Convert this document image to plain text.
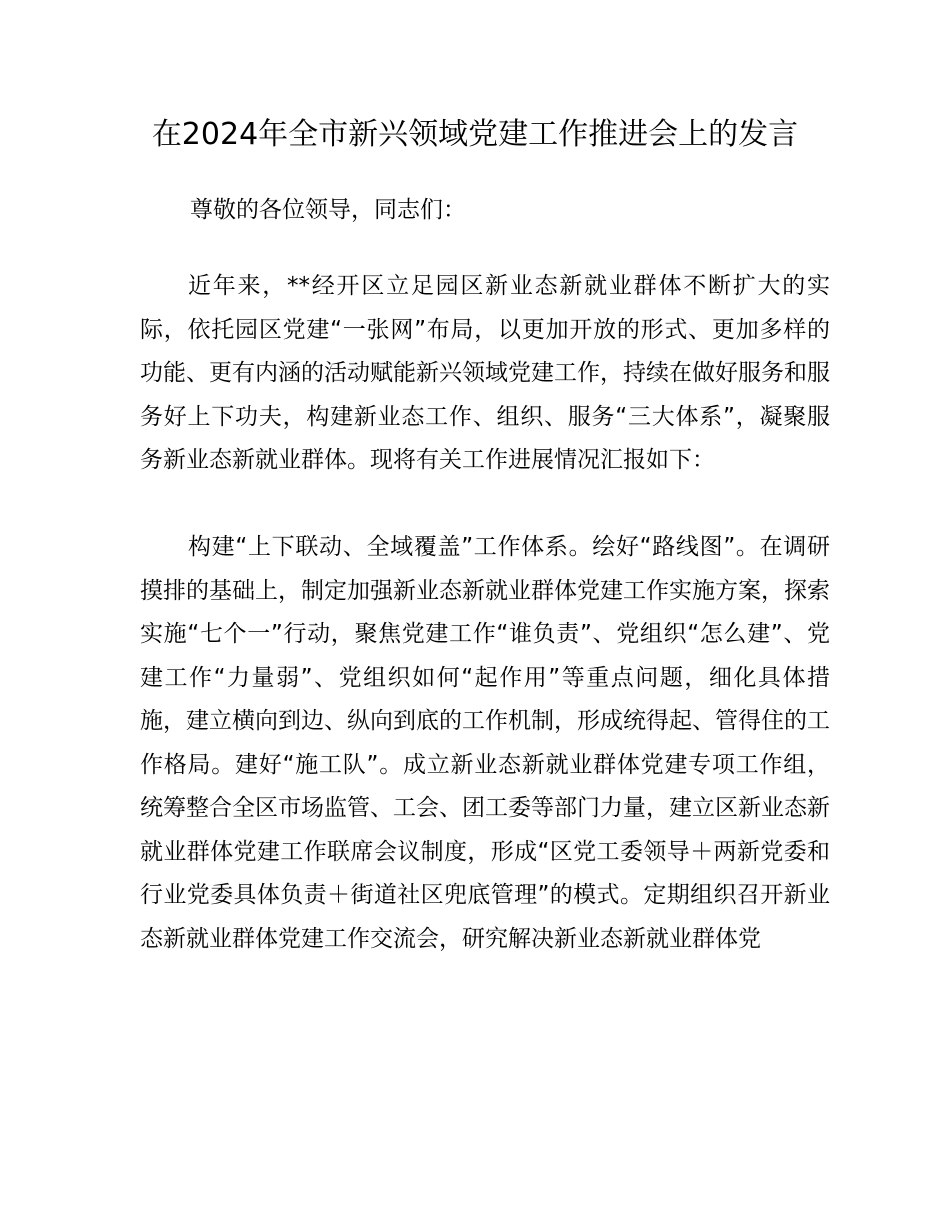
在2024年全市新兴领域党建工作推进会上的发言

尊敬的各位领导，同志们：

近年来，**经开区立足园区新业态新就业群体不断扩大的实际，依托园区党建“一张网”布局，以更加开放的形式、更加多样的功能、更有内涵的活动赋能新兴领域党建工作，持续在做好服务和服务好上下功夫，构建新业态工作、组织、服务“三大体系”，凝聚服务新业态新就业群体。现将有关工作进展情况汇报如下：

构建“上下联动、全域覆盖”工作体系。绘好“路线图”。在调研摸排的基础上，制定加强新业态新就业群体党建工作实施方案，探索实施“七个一”行动，聚焦党建工作“谁负责”、党组织“怎么建”、党建工作“力量弱”、党组织如何“起作用”等重点问题，细化具体措施，建立横向到边、纵向到底的工作机制，形成统得起、管得住的工作格局。建好“施工队”。成立新业态新就业群体党建专项工作组，统筹整合全区市场监管、工会、团工委等部门力量，建立区新业态新就业群体党建工作联席会议制度，形成“区党工委领导＋两新党委和行业党委具体负责＋街道社区兜底管理”的模式。定期组织召开新业态新就业群体党建工作交流会，研究解决新业态新就业群体党
